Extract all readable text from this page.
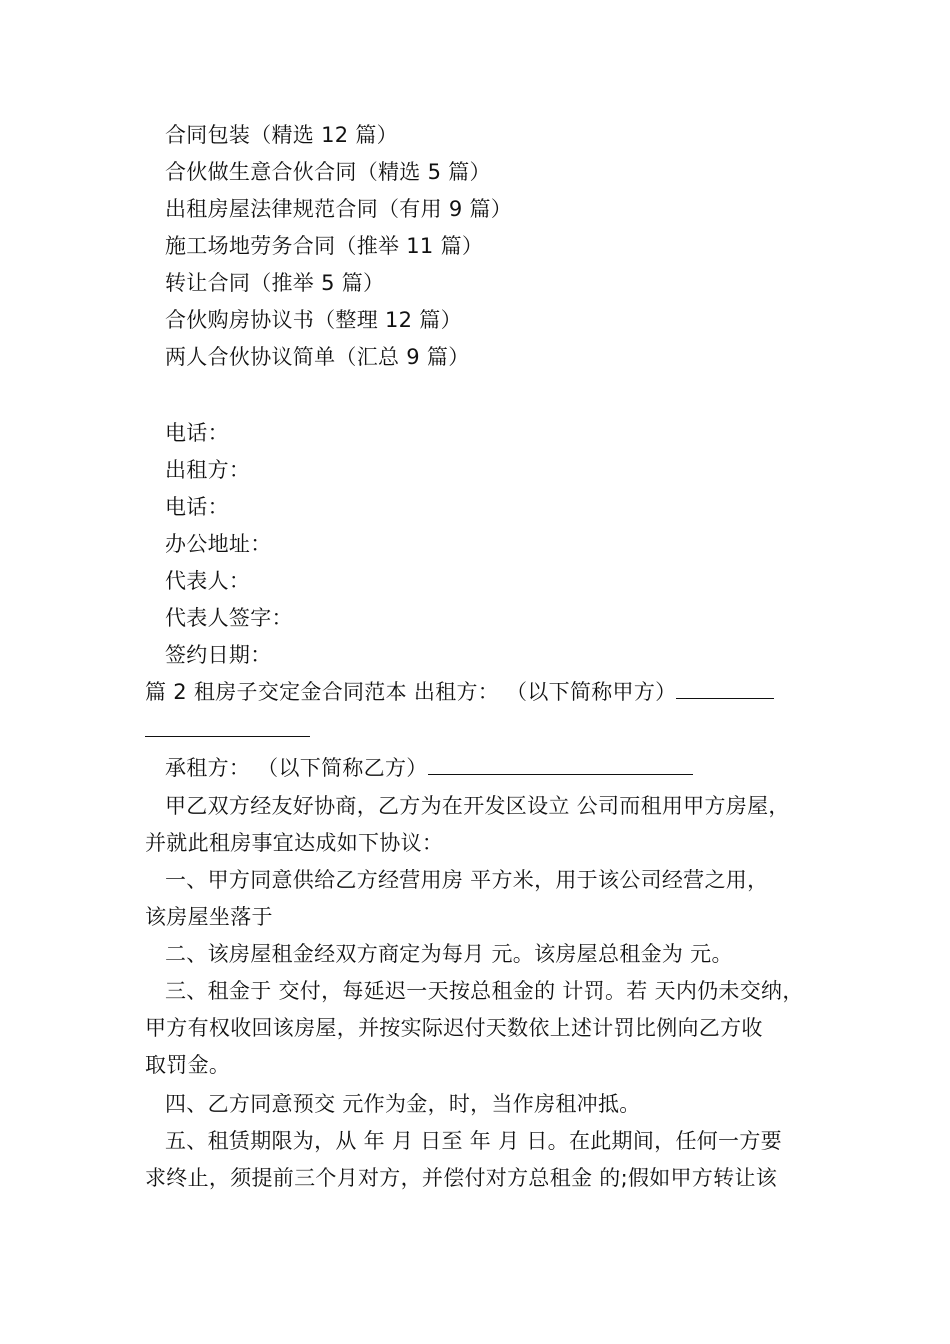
合同包装（精选 12 篇）
合伙做生意合伙合同（精选 5 篇）
出租房屋法律规范合同（有用 9 篇）
施工场地劳务合同（推举 11 篇）
转让合同（推举 5 篇）
合伙购房协议书（整理 12 篇）
两人合伙协议简单（汇总 9 篇）
电话：
出租方：
电话：
办公地址：
代表人：
代表人签字：
签约日期：
篇 2 租房子交定金合同范本 出租方： （以下简称甲方）
承租方： （以下简称乙方）
甲乙双方经友好协商，乙方为在开发区设立 公司而租用甲方房屋，
并就此租房事宜达成如下协议：
一、甲方同意供给乙方经营用房 平方米，用于该公司经营之用，
该房屋坐落于
二、该房屋租金经双方商定为每月 元。该房屋总租金为 元。
三、租金于 交付，每延迟一天按总租金的 计罚。若 天内仍未交纳，
甲方有权收回该房屋，并按实际迟付天数依上述计罚比例向乙方收
取罚金。
四、乙方同意预交 元作为金，时，当作房租冲抵。
五、租赁期限为，从 年 月 日至 年 月 日。在此期间，任何一方要
求终止，须提前三个月对方，并偿付对方总租金 的;假如甲方转让该
